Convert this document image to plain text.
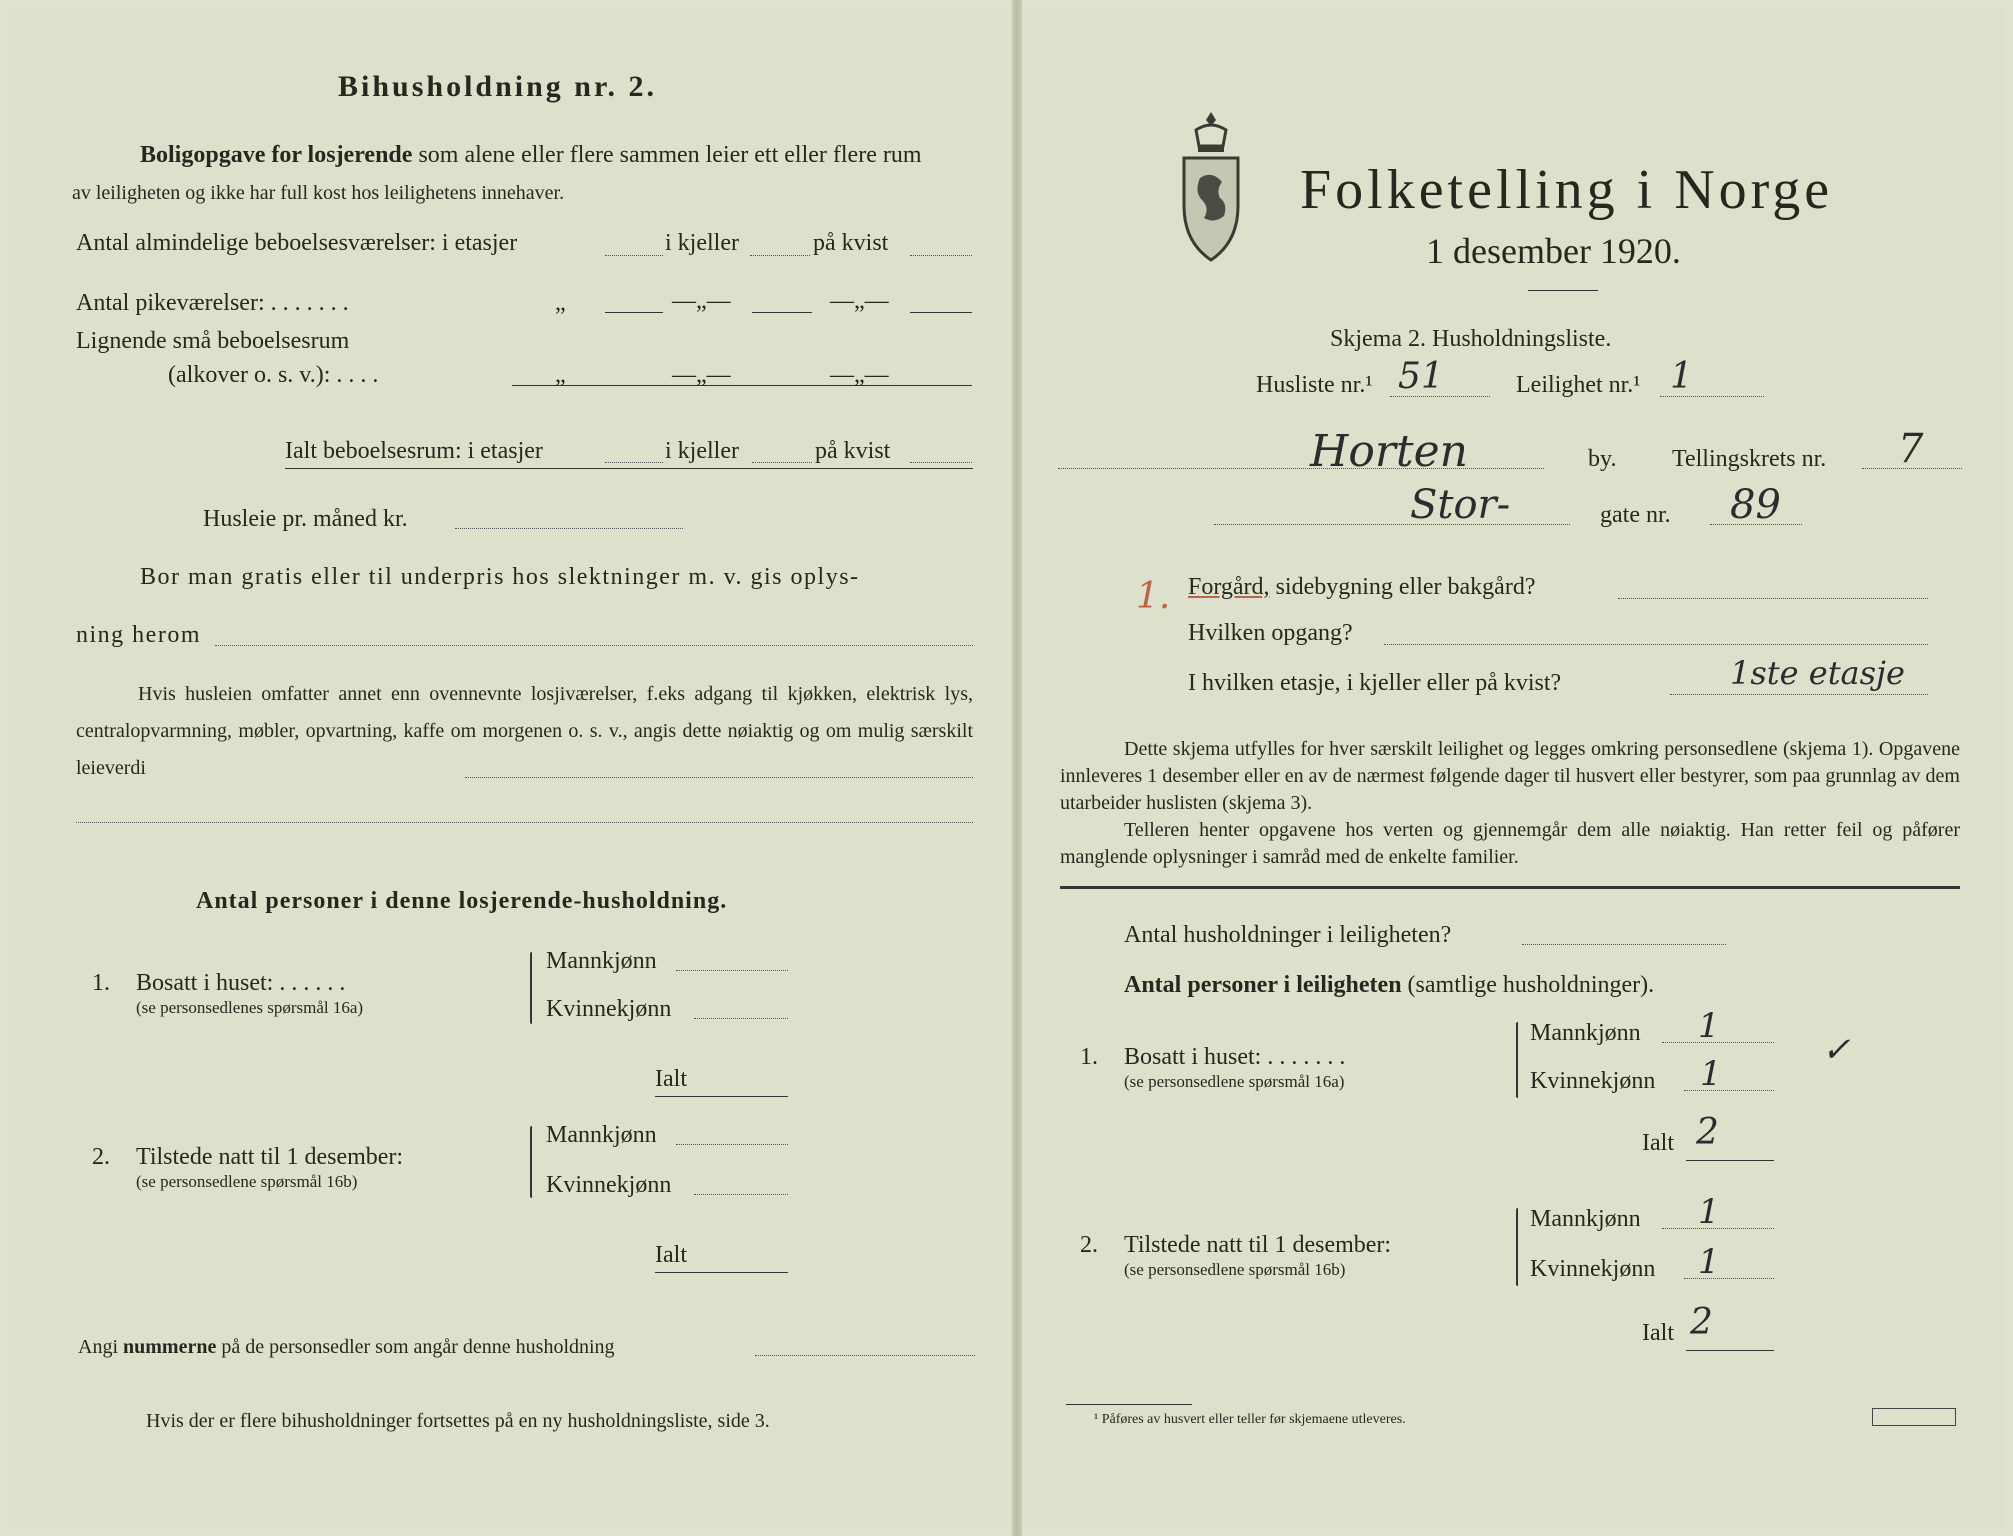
Bihusholdning nr. 2.
Boligopgave for losjerende som alene eller flere sammen leier ett eller flere rum
av leiligheten og ikke har full kost hos leilighetens innehaver.
Antal almindelige beboelsesværelser: i etasjer	i kjeller	på kvist
Antal pikeværelser: . . . . . . .	„	—„—	—„—
Lignende små beboelsesrum
(alkover o. s. v.): . . . .	„	—„—	—„—
Ialt beboelsesrum: i etasjer	i kjeller	på kvist
Husleie pr. måned kr.
Bor man gratis eller til underpris hos slektninger m. v. gis oplys-
ning herom
Hvis husleien omfatter annet enn ovennevnte losjiværelser, f.eks adgang til kjøkken, elektrisk lys, centralopvarmning, møbler, opvartning, kaffe om morgenen o. s. v., angis dette nøiaktig og om mulig særskilt leieverdi
Antal personer i denne losjerende-husholdning.
1. Bosatt i huset: . . . . . .
(se personsedlenes spørsmål 16a)
Mannkjønn
Kvinnekjønn
Ialt
2. Tilstede natt til 1 desember:
(se personsedlene spørsmål 16b)
Mannkjønn
Kvinnekjønn
Ialt
Angi nummerne på de personsedler som angår denne husholdning
Hvis der er flere bihusholdninger fortsettes på en ny husholdningsliste, side 3.
Folketelling i Norge
1 desember 1920.
Skjema 2. Husholdningsliste.
Husliste nr.¹ 51	Leilighet nr.¹ 1
Horten	by. Tellingskrets nr. 7
Stor-	gate nr. 89
1. Forgård, sidebygning eller bakgård?
Hvilken opgang?
I hvilken etasje, i kjeller eller på kvist?	1ste etasje
Dette skjema utfylles for hver særskilt leilighet og legges omkring personsedlene (skjema 1). Opgavene innleveres 1 desember eller en av de nærmest følgende dager til husvert eller bestyrer, som paa grunnlag av dem utarbeider huslisten (skjema 3).
Telleren henter opgavene hos verten og gjennemgår dem alle nøiaktig. Han retter feil og påfører manglende oplysninger i samråd med de enkelte familier.
Antal husholdninger i leiligheten?
Antal personer i leiligheten (samtlige husholdninger).
1. Bosatt i huset: . . . . . . .
(se personsedlene spørsmål 16a)
Mannkjønn 1
Kvinnekjønn 1
✓
Ialt 2
2. Tilstede natt til 1 desember:
(se personsedlene spørsmål 16b)
Mannkjønn 1
Kvinnekjønn 1
Ialt 2
¹ Påføres av husvert eller teller før skjemaene utleveres.
